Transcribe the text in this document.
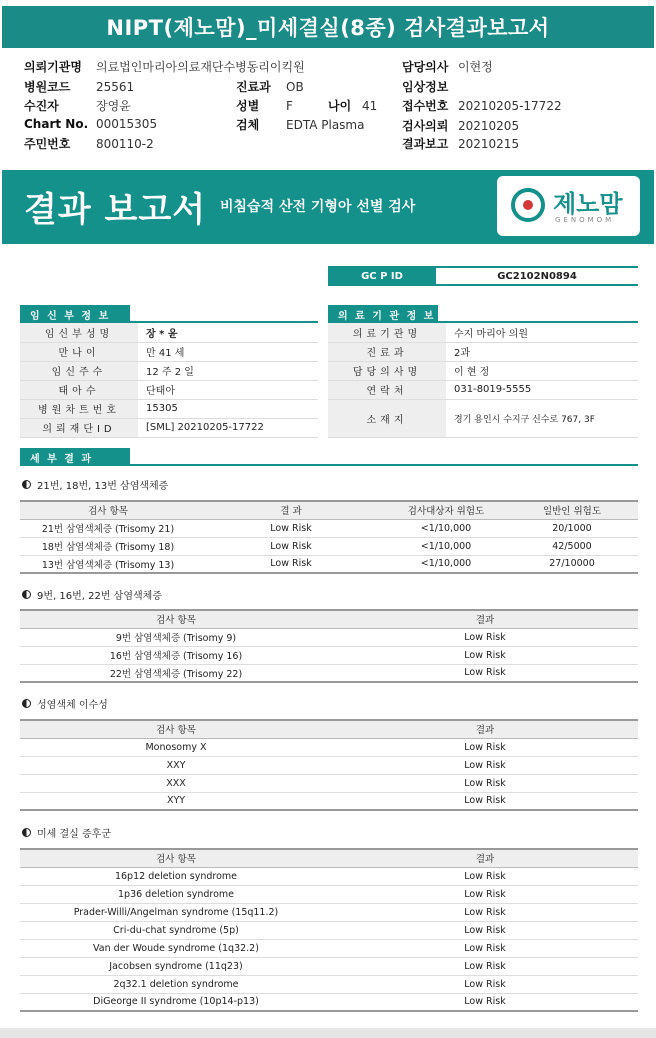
NIPT(제노맘)_미세결실(8종) 검사결과보고서
의뢰기관명 의료법인마리아의료재단수병동리이킥원
병원코드 25561
수진자	장영윤
Chart No. 00015305
주민번호 800110-2
진료과 OB
성별 F	나이 41
검체 EDTA Plasma
담당의사 이현정
임상정보
접수번호 20210205-17722
검사의뢰 20210205
결과보고 20210215
결과 보고서 비침습적 산전 기형아 선별 검사	제노맘
GENOMOM
GC P ID	GC2102N0894
임 신 부 정 보
임신부성명	장 * 윤
만나이	만 41 세
임신주수	12 주 2 일
태아수	단태아
병원차트번호	15305
의뢰재단ID	[SML] 20210205-17722
의 료 기 관 정 보
의료기관명	수지 마리아 의원
진료과	2과
담당의사명	이 현 정
연락처	031-8019-5555
소재지	경기 용인시 수지구 신수로 767, 3F
세 부 결 과
21번, 18번, 13번 삼염색체증
검사 항목	결 과	검사대상자 위험도	일반인 위험도
21번 삼염색체증 (Trisomy 21)	Low Risk	<1/10,000	20/1000
18번 삼염색체증 (Trisomy 18)	Low Risk	<1/10,000	42/5000
13번 삼염색체증 (Trisomy 13)	Low Risk	<1/10,000	27/10000
9번, 16번, 22번 삼염색체증
검사 항목	결과
9번 삼염색체증 (Trisomy 9)	Low Risk
16번 삼염색체증 (Trisomy 16)	Low Risk
22번 삼염색체증 (Trisomy 22)	Low Risk
성염색체 이수성
검사 항목	결과
Monosomy X	Low Risk
XXY	Low Risk
XXX	Low Risk
XYY	Low Risk
미세 결실 증후군
검사 항목	결과
16p12 deletion syndrome	Low Risk
1p36 deletion syndrome	Low Risk
Prader-Willi/Angelman syndrome (15q11.2)	Low Risk
Cri-du-chat syndrome (5p)	Low Risk
Van der Woude syndrome (1q32.2)	Low Risk
Jacobsen syndrome (11q23)	Low Risk
2q32.1 deletion syndrome	Low Risk
DiGeorge II syndrome (10p14-p13)	Low Risk
